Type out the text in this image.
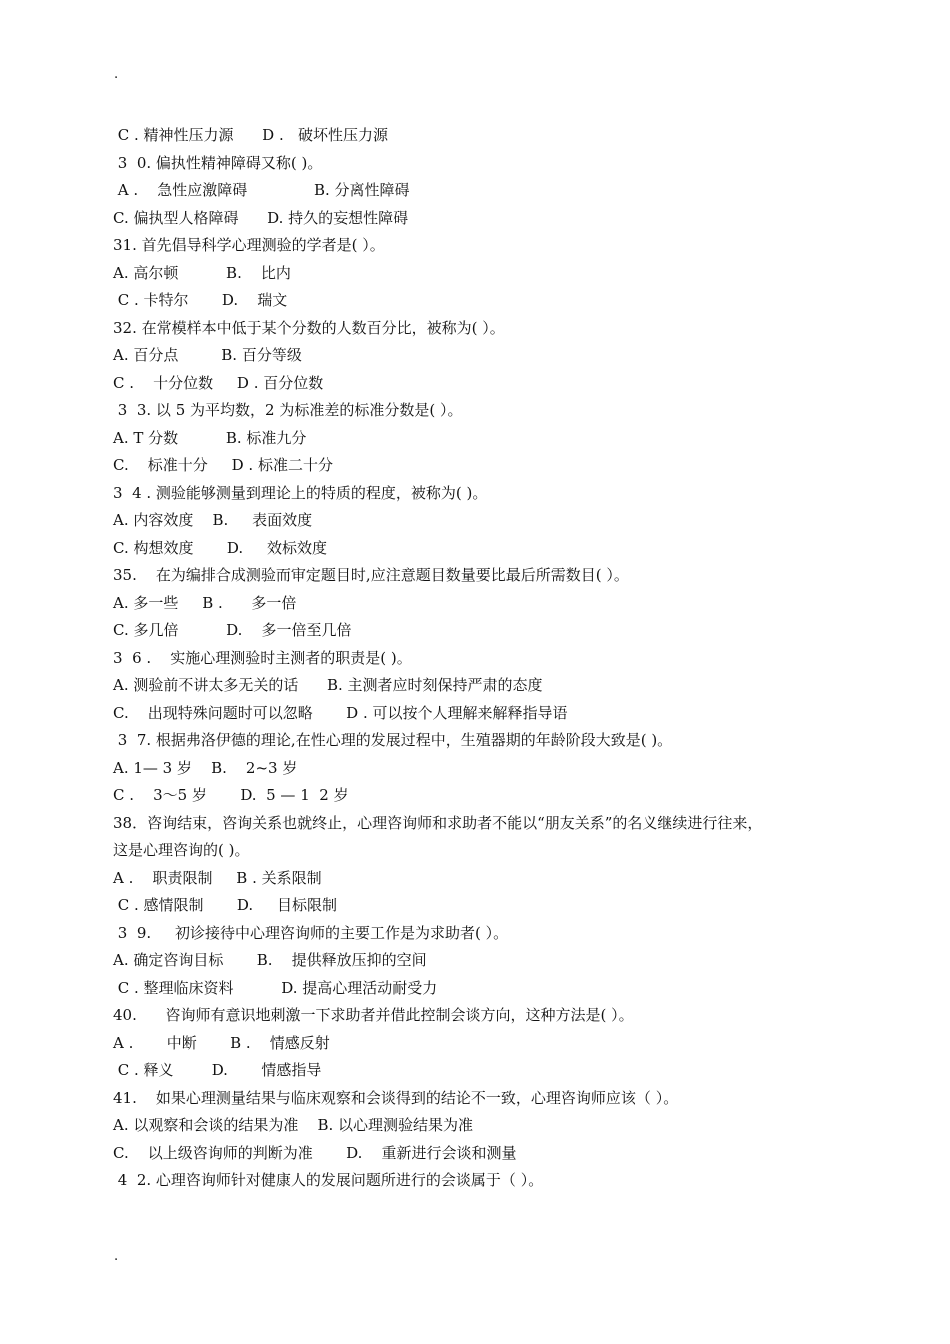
.
C . 精神性压力源      D .   破坏性压力源
3  0. 偏执性精神障碍又称( )。
A .    急性应激障碍              B. 分离性障碍
C. 偏执型人格障碍      D. 持久的妄想性障碍
31. 首先倡导科学心理测验的学者是( ）。
A. 高尔顿          B.    比内
C . 卡特尔       D.    瑞文
32. 在常模样本中低于某个分数的人数百分比，被称为( ）。
A. 百分点         B. 百分等级
C .    十分位数     D . 百分位数
3  3. 以 5 为平均数，2 为标准差的标准分数是( ）。
A. T 分数          B. 标准九分
C.    标准十分     D . 标准二十分
3  4 . 测验能够测量到理论上的特质的程度，被称为( )。
A. 内容效度    B.     表面效度
C. 构想效度       D.     效标效度
35.    在为编排合成测验而审定题目时,应注意题目数量要比最后所需数目( ）。
A. 多一些     B .      多一倍
C. 多几倍          D.    多一倍至几倍
3  6 .    实施心理测验时主测者的职责是( )。
A. 测验前不讲太多无关的话      B. 主测者应时刻保持严肃的态度
C.    出现特殊问题时可以忽略       D . 可以按个人理解来解释指导语
3  7. 根据弗洛伊德的理论,在性心理的发展过程中，生殖器期的年龄阶段大致是( )。
A. 1— 3 岁    B.    2~3 岁
C .    3～5 岁       D.  5 — 1  2 岁
38．咨询结束，咨询关系也就终止，心理咨询师和求助者不能以“朋友关系”的名义继续进行往来，
这是心理咨询的( )。
A .    职责限制     B . 关系限制
C . 感情限制       D.     目标限制
3  9.     初诊接待中心理咨询师的主要工作是为求助者( ）。
A. 确定咨询目标       B.    提供释放压抑的空间
C . 整理临床资料          D. 提高心理活动耐受力
40.      咨询师有意识地刺激一下求助者并借此控制会谈方向，这种方法是( ）。
A .       中断       B .    情感反射
C . 释义        D.       情感指导
41.    如果心理测量结果与临床观察和会谈得到的结论不一致，心理咨询师应该（ ）。
A. 以观察和会谈的结果为准    B. 以心理测验结果为准
C.    以上级咨询师的判断为准       D.    重新进行会谈和测量
4  2. 心理咨询师针对健康人的发展问题所进行的会谈属于（ ）。
.
